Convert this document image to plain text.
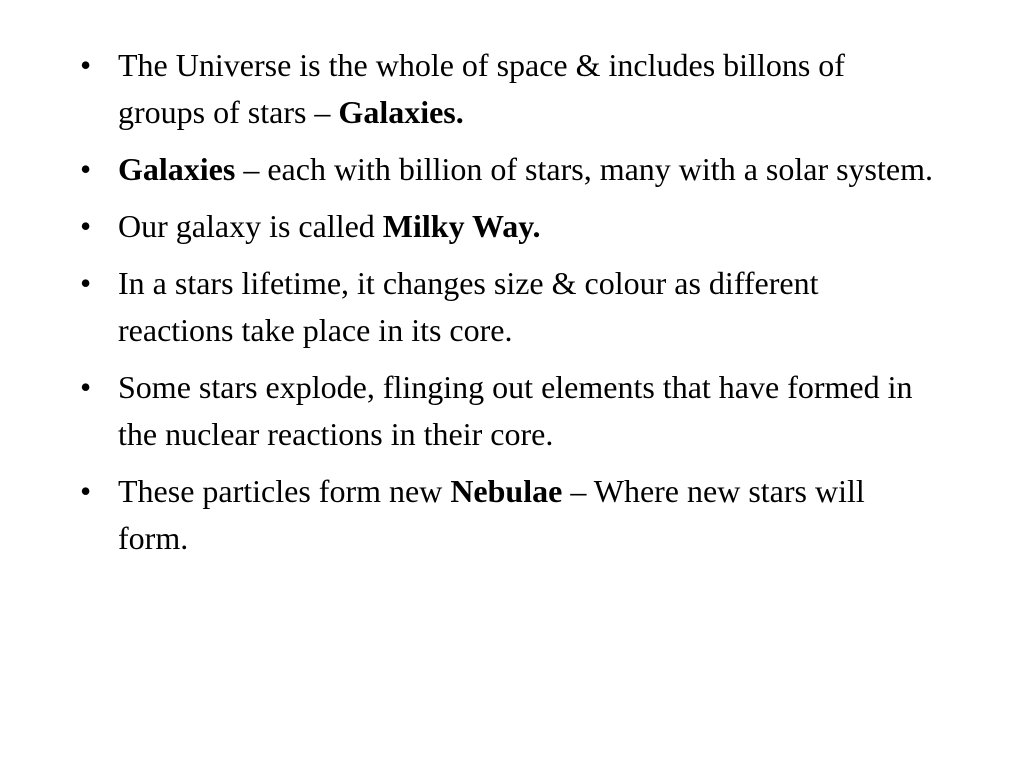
• The Universe is the whole of space & includes billons of groups of stars – Galaxies.
• Galaxies – each with billion of stars, many with a solar system.
• Our galaxy is called Milky Way.
• In a stars lifetime, it changes size & colour as different reactions take place in its core.
• Some stars explode, flinging out elements that have formed in the nuclear reactions in their core.
• These particles form new Nebulae – Where new stars will form.
